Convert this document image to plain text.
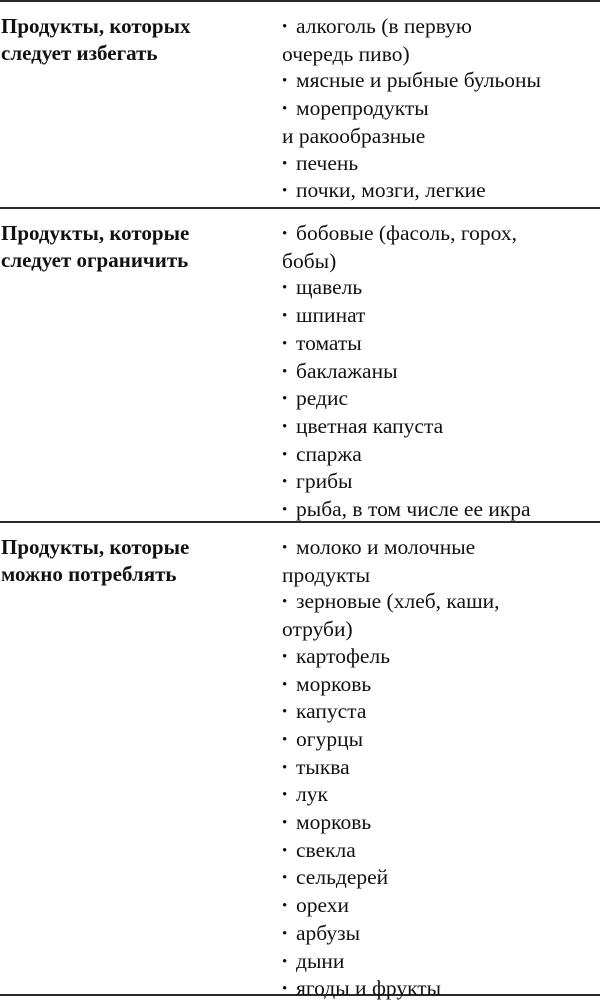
Продукты, которых
следует избегать
• алкоголь (в первую
очередь пиво)
• мясные и рыбные бульоны
• морепродукты
и ракообразные
• печень
• почки, мозги, легкие
Продукты, которые
следует ограничить
• бобовые (фасоль, горох,
бобы)
• щавель
• шпинат
• томаты
• баклажаны
• редис
• цветная капуста
• спаржа
• грибы
• рыба, в том числе ее икра
Продукты, которые
можно потреблять
• молоко и молочные
продукты
• зерновые (хлеб, каши,
отруби)
• картофель
• морковь
• капуста
• огурцы
• тыква
• лук
• морковь
• свекла
• сельдерей
• орехи
• арбузы
• дыни
• ягоды и фрукты
